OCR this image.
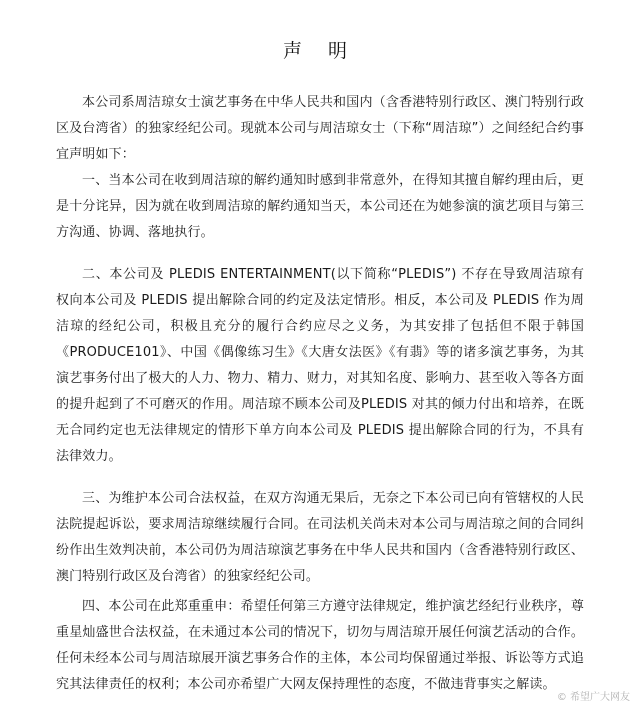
声 明
本公司系周洁琼女士演艺事务在中华人民共和国内（含香港特别行政区、澳门特别行政区及台湾省）的独家经纪公司。现就本公司与周洁琼女士（下称“周洁琼”）之间经纪合约事宜声明如下：
一、当本公司在收到周洁琼的解约通知时感到非常意外，在得知其擅自解约理由后，更是十分诧异，因为就在收到周洁琼的解约通知当天，本公司还在为她参演的演艺项目与第三方沟通、协调、落地执行。
二、本公司及 PLEDIS ENTERTAINMENT(以下简称“PLEDIS”) 不存在导致周洁琼有权向本公司及 PLEDIS 提出解除合同的约定及法定情形。相反，本公司及 PLEDIS 作为周洁琼的经纪公司，积极且充分的履行合约应尽之义务，为其安排了包括但不限于韩国《PRODUCE101》、中国《偶像练习生》《大唐女法医》《有翡》等的诸多演艺事务，为其演艺事务付出了极大的人力、物力、精力、财力，对其知名度、影响力、甚至收入等各方面的提升起到了不可磨灭的作用。周洁琼不顾本公司及PLEDIS 对其的倾力付出和培养，在既无合同约定也无法律规定的情形下单方向本公司及 PLEDIS 提出解除合同的行为，不具有法律效力。
三、为维护本公司合法权益，在双方沟通无果后，无奈之下本公司已向有管辖权的人民法院提起诉讼，要求周洁琼继续履行合同。在司法机关尚未对本公司与周洁琼之间的合同纠纷作出生效判决前，本公司仍为周洁琼演艺事务在中华人民共和国内（含香港特别行政区、澳门特别行政区及台湾省）的独家经纪公司。
四、本公司在此郑重重申：希望任何第三方遵守法律规定，维护演艺经纪行业秩序，尊重星灿盛世合法权益，在未通过本公司的情况下，切勿与周洁琼开展任何演艺活动的合作。任何未经本公司与周洁琼展开演艺事务合作的主体，本公司均保留通过举报、诉讼等方式追究其法律责任的权利；本公司亦希望广大网友保持理性的态度，不做违背事实之解读。
© 希望广大网友
